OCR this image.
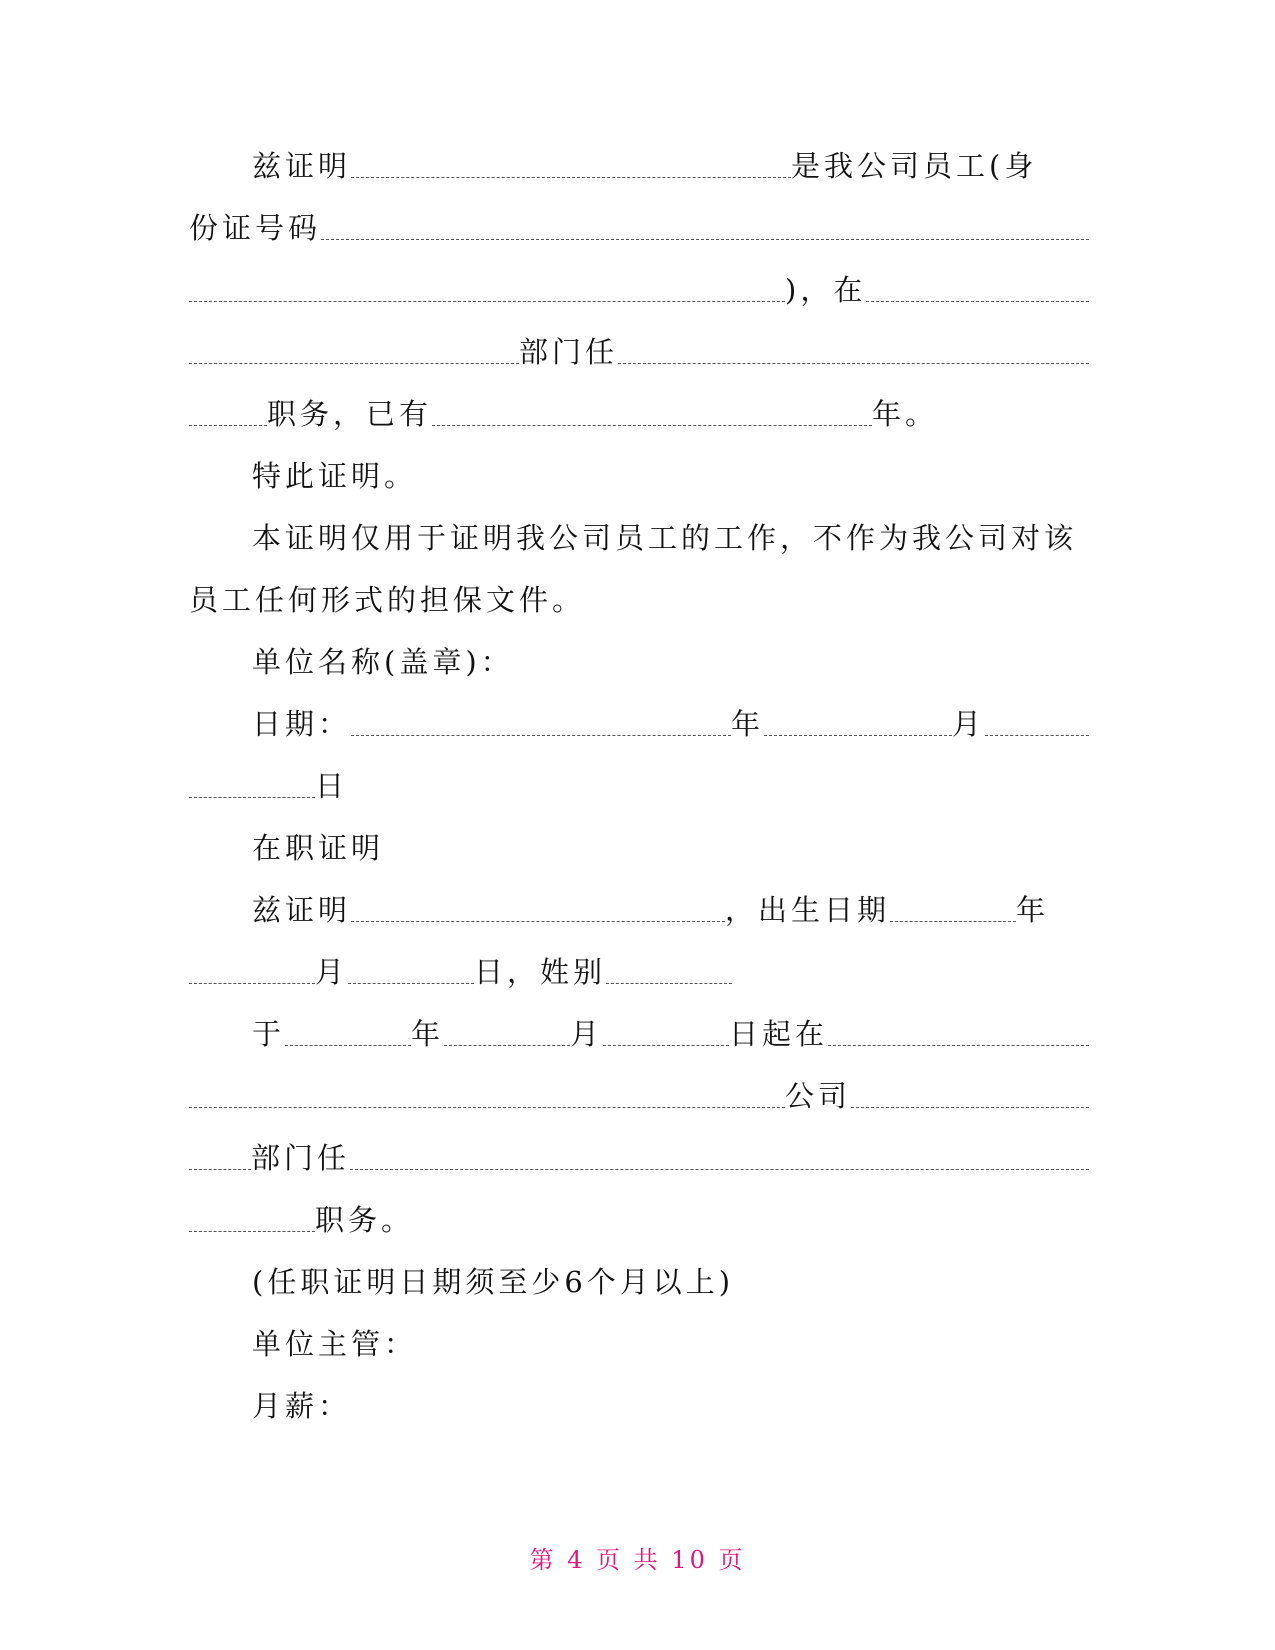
兹证明	是我公司员工(身
份证号码
)，在
部门任
职务，已有	年。
特此证明。
本证明仅用于证明我公司员工的工作，不作为我公司对该
员工任何形式的担保文件。
单位名称(盖章)：
日期：	年	月
日
在职证明
兹证明	，出生日期	年
月	日，姓别
于	年	月	日起在
公司
部门任
职务。
(任职证明日期须至少6个月以上)
单位主管：
月薪：
第 4 页 共 10 页
